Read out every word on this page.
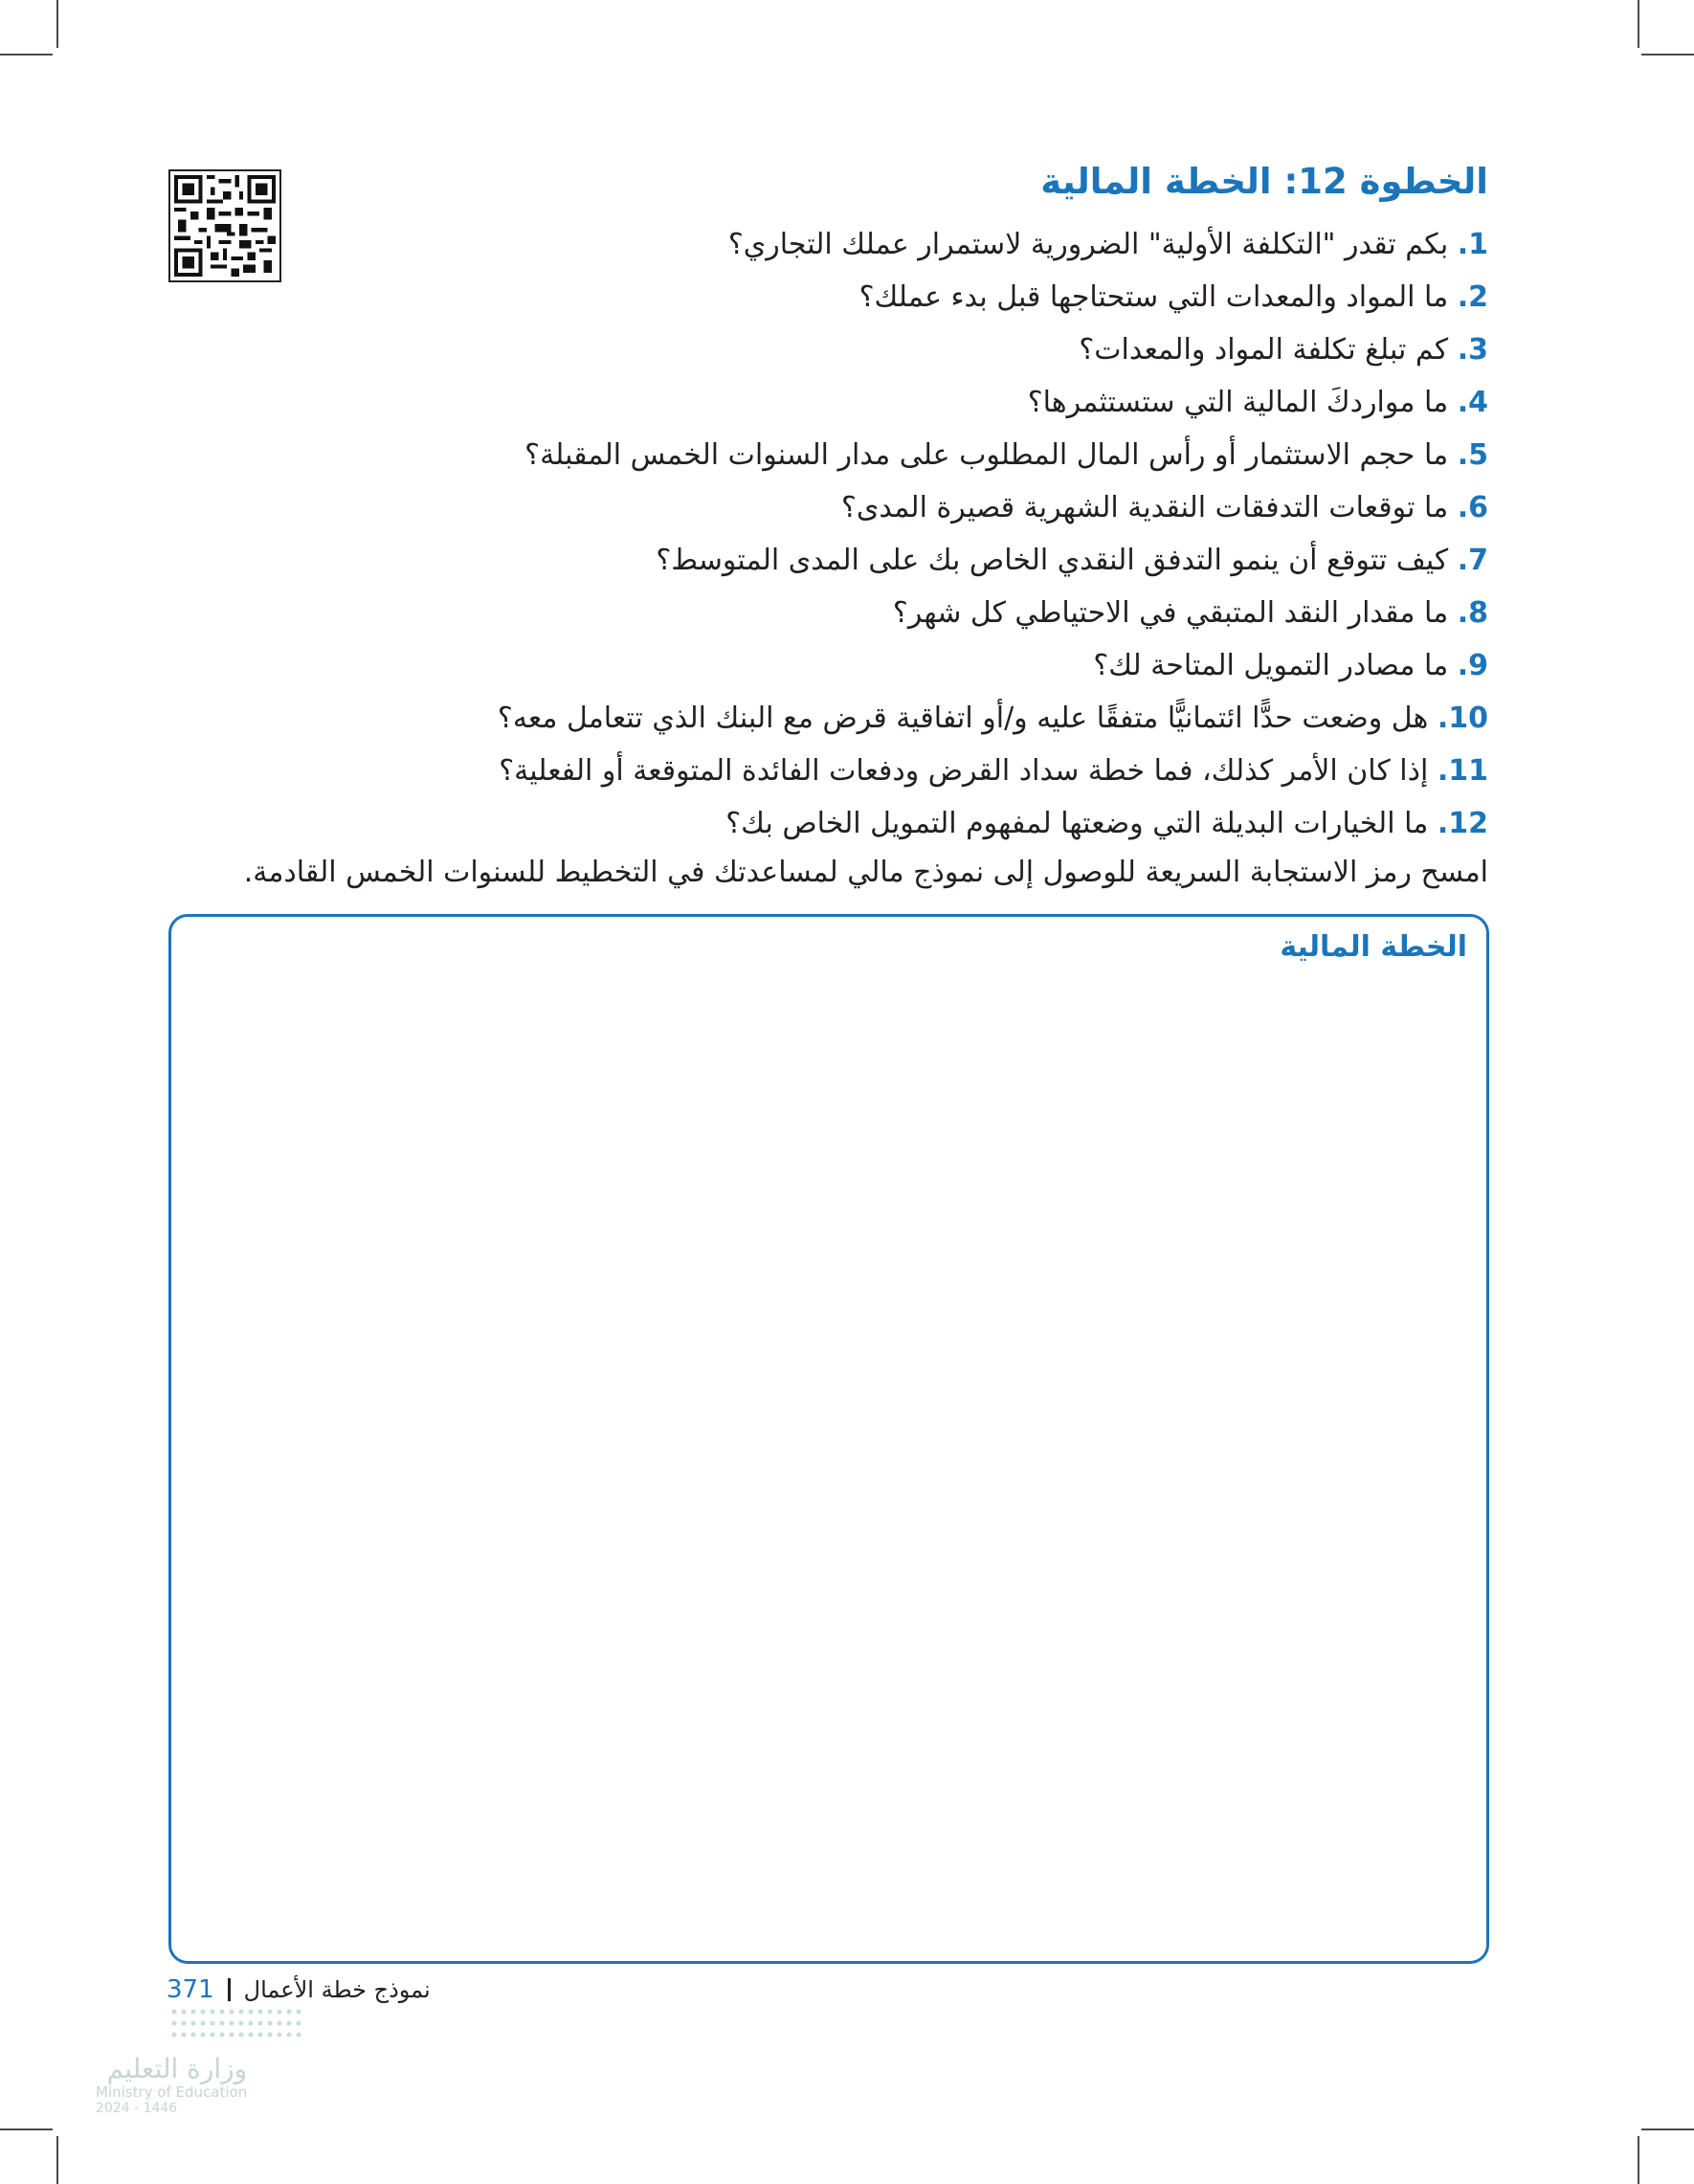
الخطوة 12: الخطة المالية
1. بكم تقدر "التكلفة الأولية" الضرورية لاستمرار عملك التجاري؟
2. ما المواد والمعدات التي ستحتاجها قبل بدء عملك؟
3. كم تبلغ تكلفة المواد والمعدات؟
4. ما مواردكَ المالية التي ستستثمرها؟
5. ما حجم الاستثمار أو رأس المال المطلوب على مدار السنوات الخمس المقبلة؟
6. ما توقعات التدفقات النقدية الشهرية قصيرة المدى؟
7. كيف تتوقع أن ينمو التدفق النقدي الخاص بك على المدى المتوسط؟
8. ما مقدار النقد المتبقي في الاحتياطي كل شهر؟
9. ما مصادر التمويل المتاحة لك؟
10. هل وضعت حدًّا ائتمانيًّا متفقًا عليه و/أو اتفاقية قرض مع البنك الذي تتعامل معه؟
11. إذا كان الأمر كذلك، فما خطة سداد القرض ودفعات الفائدة المتوقعة أو الفعلية؟
12. ما الخيارات البديلة التي وضعتها لمفهوم التمويل الخاص بك؟

امسح رمز الاستجابة السريعة للوصول إلى نموذج مالي لمساعدتك في التخطيط للسنوات الخمس القادمة.

الخطة المالية
371 نموذج خطة الأعمال
وزارة التعليم
Ministry of Education
2024 - 1446
